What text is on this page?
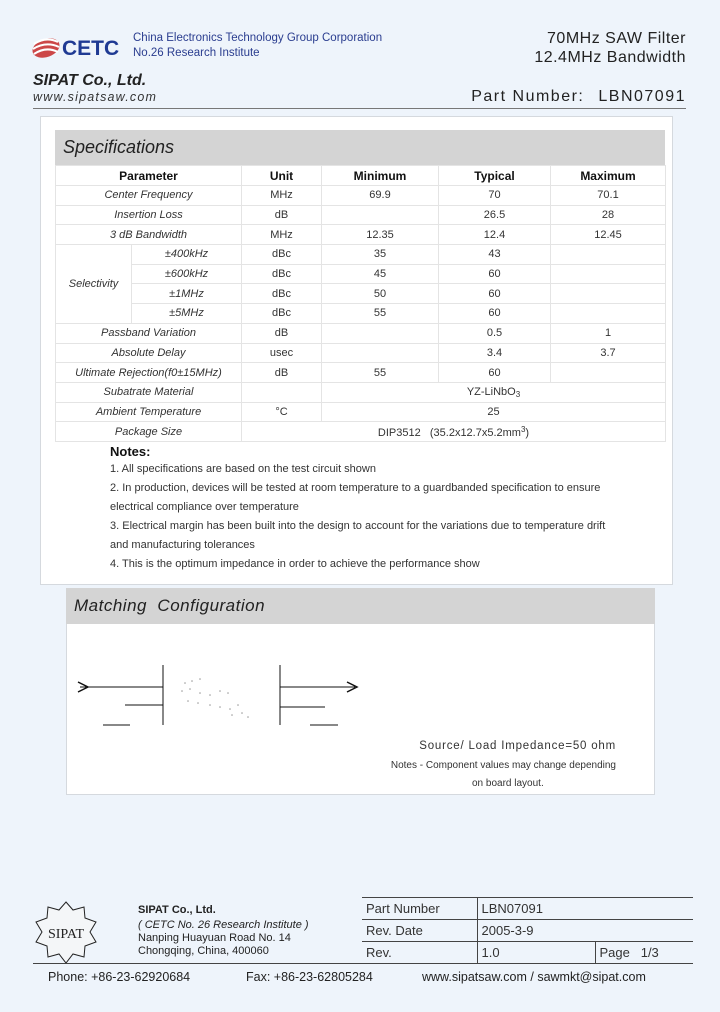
CETC China Electronics Technology Group Corporation
No.26 Research Institute
70MHz SAW Filter
12.4MHz Bandwidth
SIPAT Co., Ltd.
www.sipatsaw.com	Part Number: LBN07091
Specifications
Parameter		Unit	Minimum	Typical	Maximum
Center Frequency		MHz	69.9	70	70.1
Insertion Loss		dB		26.5	28
3 dB Bandwidth		MHz	12.35	12.4	12.45
Selectivity	±400kHz	dBc	35	43	
	±600kHz	dBc	45	60	
	±1MHz	dBc	50	60	
	±5MHz	dBc	55	60	
Passband Variation		dB		0.5	1
Absolute Delay		usec		3.4	3.7
Ultimate Rejection(f0±15MHz)		dB	55	60	
Subatrate Material			YZ-LiNbO$_3$
Ambient Temperature		°C	25		
Package Size		DIP3512   $(35.2x12.7x5.2mm^3)$			
Notes:
1. All specifications are based on the test circuit shown
2. In production, devices will be tested at room temperature to a guardbanded specification to ensure
electrical compliance over temperature
3. Electrical margin has been built into the design to account for the variations due to temperature drift
and manufacturing tolerances
4. This is the optimum impedance in order to achieve the performance show
Matching  Configuration
Source/ Load Impedance=50 ohm
Notes - Component values may change depending
on board layout.
SIPAT
SIPAT Co., Ltd.
( CETC No. 26 Research Institute )
Nanping Huayuan Road No. 14
Chongqing, China, 400060
Part Number	LBN07091	
Rev. Date	2005-3-9	
Rev.	1.0	Page 1/3
Phone: +86-23-62920684	Fax: +86-23-62805284	www.sipatsaw.com / sawmkt@sipat.com
